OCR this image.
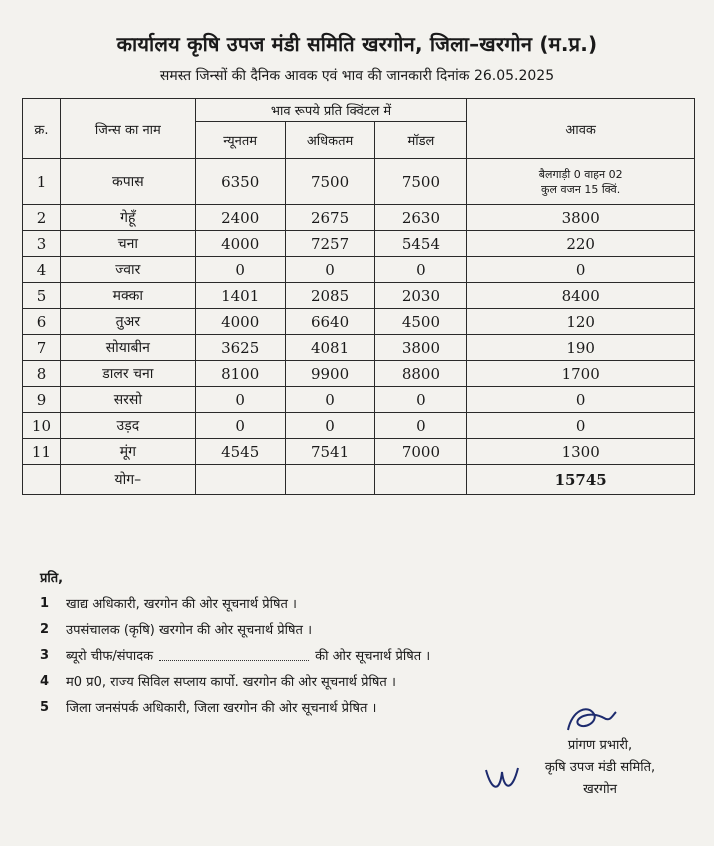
कार्यालय कृषि उपज मंडी समिति खरगोन, जिला–खरगोन (म.प्र.)
समस्त जिन्सों की दैनिक आवक एवं भाव की जानकारी दिनांक 26.05.2025
क्र.	जिन्स का नाम	भाव रूपये प्रति क्विंटल में			आवक
		न्यूनतम	अधिकतम	मॉडल	
1	कपास	6350	7500	7500	बैलगाड़ी 0 वाहन 02
कुल वजन 15 क्विं.

2	गेहूँ	2400	2675	2630	3800
3	चना	4000	7257	5454	220
4	ज्वार	0	0	0	0
5	मक्का	1401	2085	2030	8400
6	तुअर	4000	6640	4500	120
7	सोयाबीन	3625	4081	3800	190
8	डालर चना	8100	9900	8800	1700
9	सरसो	0	0	0	0
10	उड़द	0	0	0	0
11	मूंग	4545	7541	7000	1300
	योग–				15745
प्रति,
1	खाद्य अधिकारी, खरगोन की ओर सूचनार्थ प्रेषित ।
2	उपसंचालक (कृषि) खरगोन की ओर सूचनार्थ प्रेषित ।
3	ब्यूरो चीफ/संपादक	की ओर सूचनार्थ प्रेषित ।
4	म0 प्र0, राज्य सिविल सप्लाय कार्पो. खरगोन की ओर सूचनार्थ प्रेषित ।
5	जिला जनसंपर्क अधिकारी, जिला खरगोन की ओर सूचनार्थ प्रेषित ।
प्रांगण प्रभारी,
कृषि उपज मंडी समिति,
खरगोन
